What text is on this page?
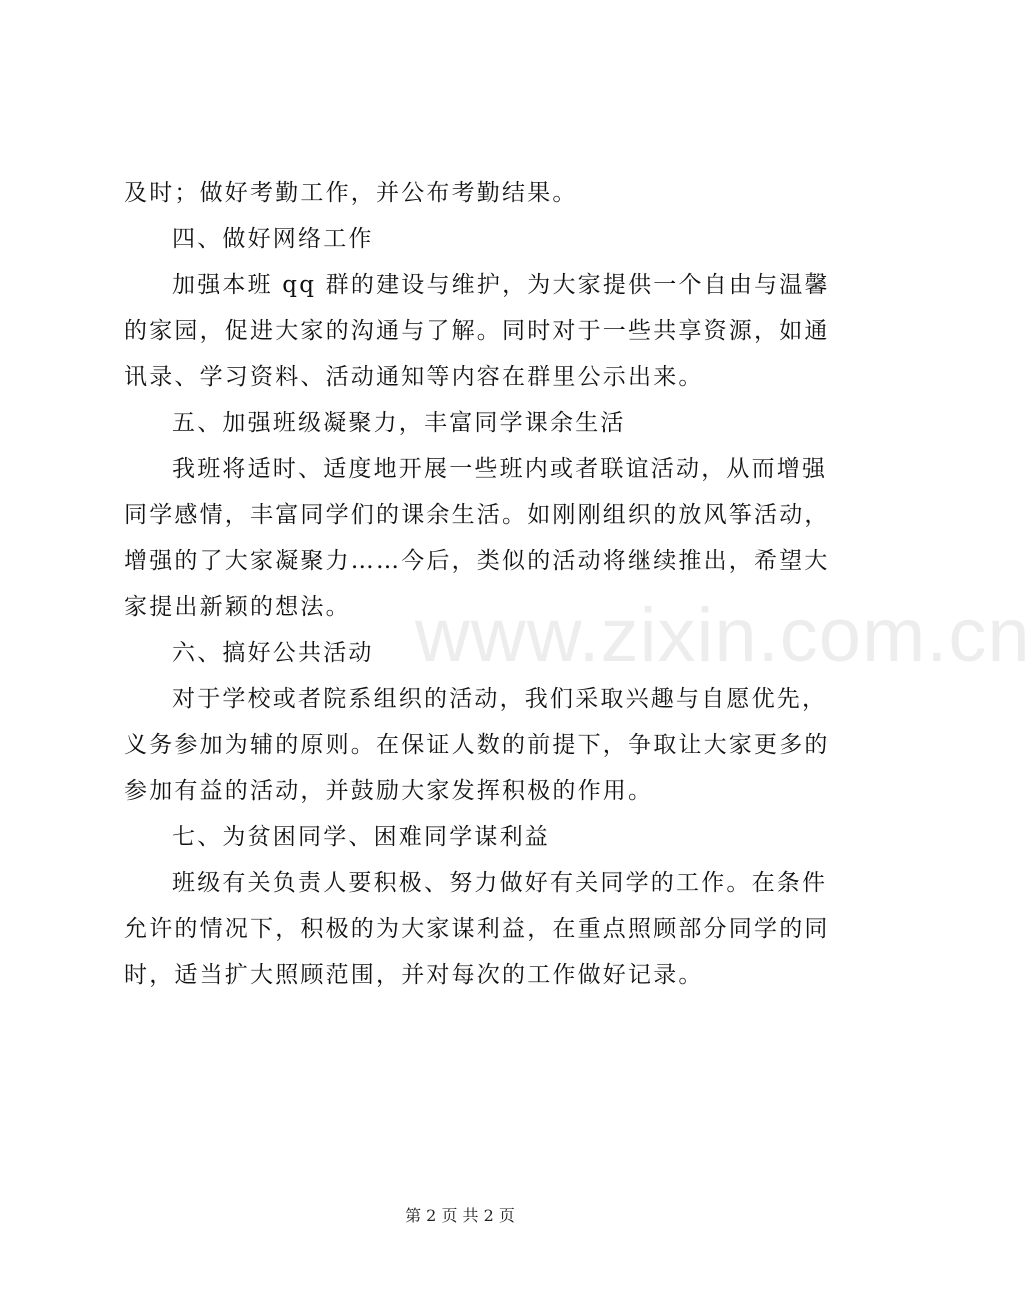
www.zixin.com.cn
及时；做好考勤工作，并公布考勤结果。
四、做好网络工作
加强本班 qq 群的建设与维护，为大家提供一个自由与温馨
的家园，促进大家的沟通与了解。同时对于一些共享资源，如通
讯录、学习资料、活动通知等内容在群里公示出来。
五、加强班级凝聚力，丰富同学课余生活
我班将适时、适度地开展一些班内或者联谊活动，从而增强
同学感情，丰富同学们的课余生活。如刚刚组织的放风筝活动，
增强的了大家凝聚力……今后，类似的活动将继续推出，希望大
家提出新颖的想法。
六、搞好公共活动
对于学校或者院系组织的活动，我们采取兴趣与自愿优先，
义务参加为辅的原则。在保证人数的前提下，争取让大家更多的
参加有益的活动，并鼓励大家发挥积极的作用。
七、为贫困同学、困难同学谋利益
班级有关负责人要积极、努力做好有关同学的工作。在条件
允许的情况下，积极的为大家谋利益，在重点照顾部分同学的同
时，适当扩大照顾范围，并对每次的工作做好记录。
第 2 页 共 2 页
